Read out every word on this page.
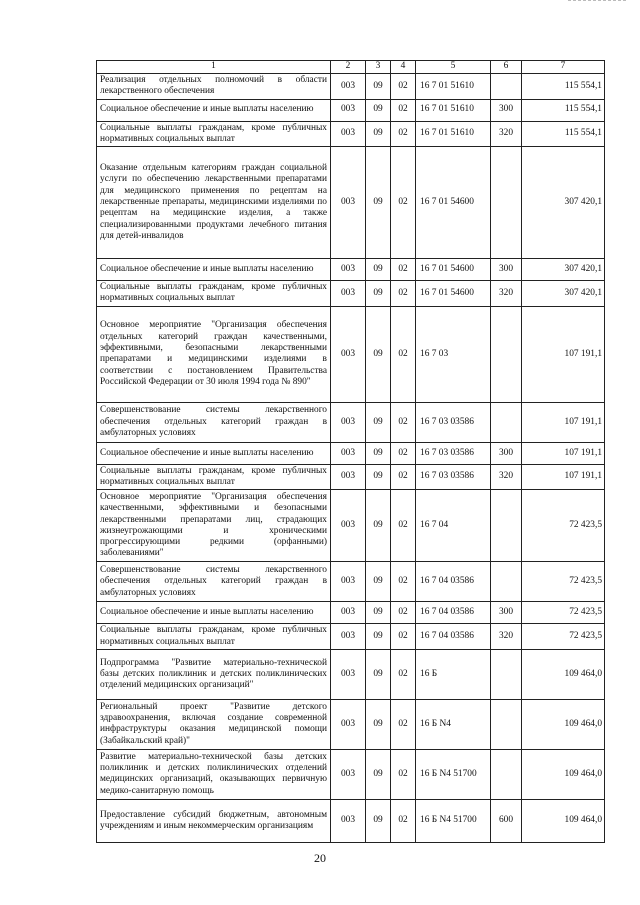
1	2	3	4	5	6	7
Реализация отдельных полномочий в области лекарственного обеспечения	003	09	02	16 7 01 51610		115 554,1
Социальное обеспечение и иные выплаты населению	003	09	02	16 7 01 51610	300	115 554,1
Социальные выплаты гражданам, кроме публичных нормативных социальных выплат	003	09	02	16 7 01 51610	320	115 554,1
Оказание отдельным категориям граждан социальной услуги по обеспечению лекарственными препаратами для медицинского применения по рецептам на лекарственные препараты, медицинскими изделиями по рецептам на медицинские изделия, а также специализированными продуктами лечебного питания для детей-инвалидов	003	09	02	16 7 01 54600		307 420,1
Социальное обеспечение и иные выплаты населению	003	09	02	16 7 01 54600	300	307 420,1
Социальные выплаты гражданам, кроме публичных нормативных социальных выплат	003	09	02	16 7 01 54600	320	307 420,1
Основное мероприятие "Организация обеспечения отдельных категорий граждан качественными, эффективными, безопасными лекарственными препаратами и медицинскими изделиями в соответствии с постановлением Правительства Российской Федерации от 30 июля 1994 года № 890"	003	09	02	16 7 03		107 191,1
Совершенствование системы лекарственного обеспечения отдельных категорий граждан в амбулаторных условиях	003	09	02	16 7 03 03586		107 191,1
Социальное обеспечение и иные выплаты населению	003	09	02	16 7 03 03586	300	107 191,1
Социальные выплаты гражданам, кроме публичных нормативных социальных выплат	003	09	02	16 7 03 03586	320	107 191,1
Основное мероприятие "Организация обеспечения качественными, эффективными и безопасными лекарственными препаратами лиц, страдающих жизнеугрожающими и хроническими прогрессирующими редкими (орфанными) заболеваниями"	003	09	02	16 7 04		72 423,5
Совершенствование системы лекарственного обеспечения отдельных категорий граждан в амбулаторных условиях	003	09	02	16 7 04 03586		72 423,5
Социальное обеспечение и иные выплаты населению	003	09	02	16 7 04 03586	300	72 423,5
Социальные выплаты гражданам, кроме публичных нормативных социальных выплат	003	09	02	16 7 04 03586	320	72 423,5
Подпрограмма "Развитие материально-технической базы детских поликлиник и детских поликлинических отделений медицинских организаций"	003	09	02	16 Б		109 464,0
Региональный проект "Развитие детского здравоохранения, включая создание современной инфраструктуры оказания медицинской помощи (Забайкальский край)"	003	09	02	16 Б N4		109 464,0
Развитие материально-технической базы детских поликлиник и детских поликлинических отделений медицинских организаций, оказывающих первичную медико-санитарную помощь	003	09	02	16 Б N4 51700		109 464,0
Предоставление субсидий бюджетным, автономным учреждениям и иным некоммерческим организациям	003	09	02	16 Б N4 51700	600	109 464,0
20
